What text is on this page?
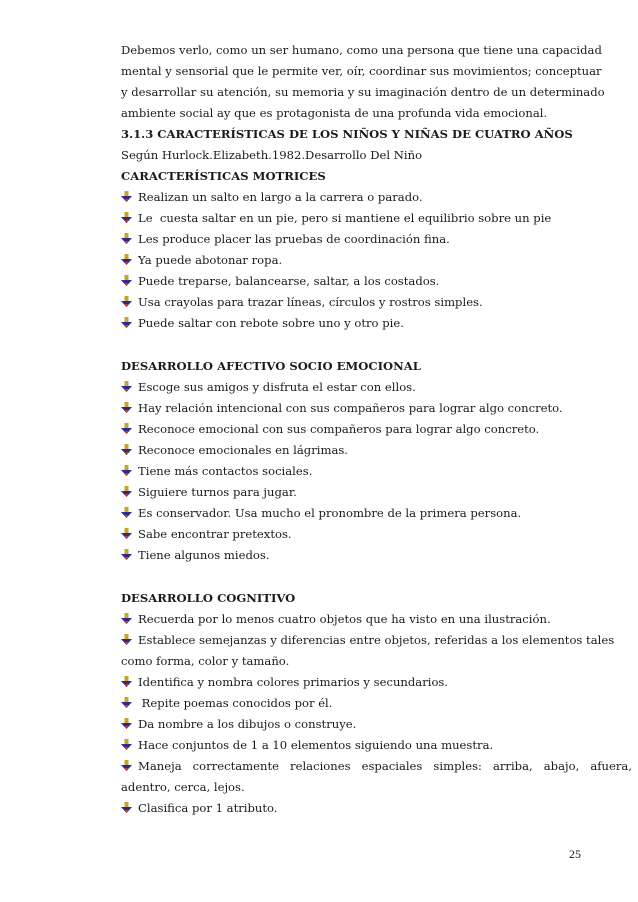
Debemos verlo, como un ser humano, como una persona que tiene una capacidad
mental y sensorial que le permite ver, oír, coordinar sus movimientos; conceptuar
y desarrollar su atención, su memoria y su imaginación dentro de un determinado
ambiente social ay que es protagonista de una profunda vida emocional.
3.1.3 CARACTERÍSTICAS DE LOS NIÑOS Y NIÑAS DE CUATRO AÑOS
Según Hurlock.Elizabeth.1982.Desarrollo Del Niño
CARACTERÍSTICAS MOTRICES
Realizan un salto en largo a la carrera o parado.
Le  cuesta saltar en un pie, pero si mantiene el equilibrio sobre un pie
Les produce placer las pruebas de coordinación fina.
Ya puede abotonar ropa.
Puede treparse, balancearse, saltar, a los costados.
Usa crayolas para trazar líneas, círculos y rostros simples.
Puede saltar con rebote sobre uno y otro pie.
DESARROLLO AFECTIVO SOCIO EMOCIONAL
Escoge sus amigos y disfruta el estar con ellos.
Hay relación intencional con sus compañeros para lograr algo concreto.
Reconoce emocional con sus compañeros para lograr algo concreto.
Reconoce emocionales en lágrimas.
Tiene más contactos sociales.
Siguiere turnos para jugar.
Es conservador. Usa mucho el pronombre de la primera persona.
Sabe encontrar pretextos.
Tiene algunos miedos.
DESARROLLO COGNITIVO
Recuerda por lo menos cuatro objetos que ha visto en una ilustración.
Establece semejanzas y diferencias entre objetos, referidas a los elementos tales
como forma, color y tamaño.
Identifica y nombra colores primarios y secundarios.
Repite poemas conocidos por él.
Da nombre a los dibujos o construye.
Hace conjuntos de 1 a 10 elementos siguiendo una muestra.
Maneja   correctamente   relaciones   espaciales   simples:   arriba,   abajo,   afuera,
adentro, cerca, lejos.
Clasifica por 1 atributo.
25
